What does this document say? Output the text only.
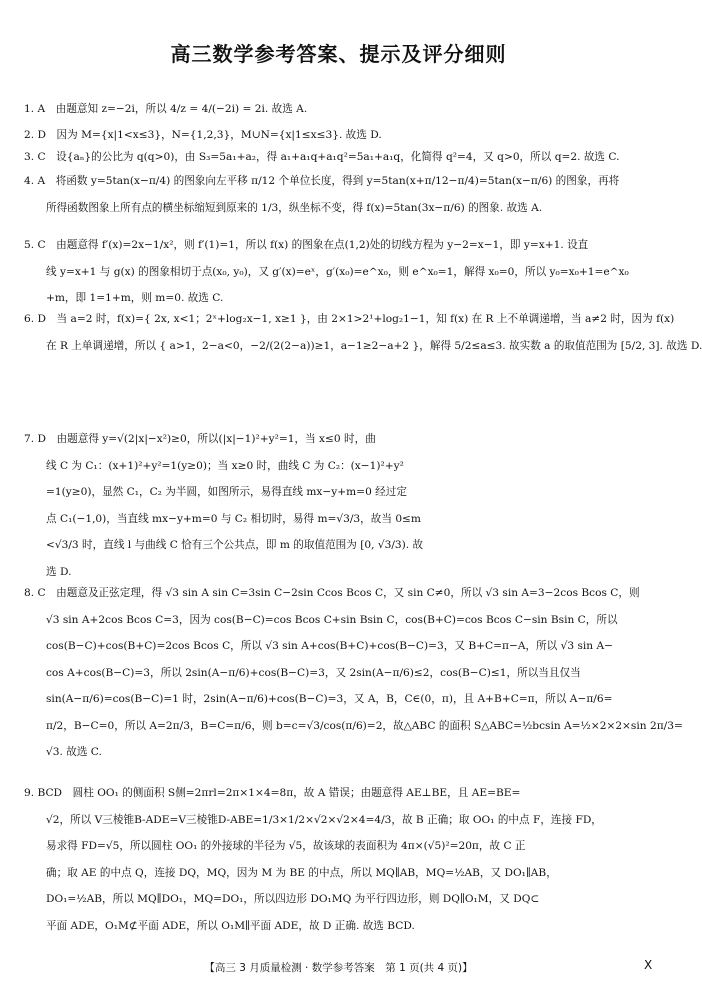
高三数学参考答案、提示及评分细则
1. A　由题意知 z=−2i，所以 4/z = 4/(−2i) = 2i. 故选 A.
2. D　因为 M={x|1<x≤3}，N={1,2,3}，M∪N={x|1≤x≤3}. 故选 D.
3. C　设{aₙ}的公比为 q(q>0)，由 S₃=5a₁+a₂，得 a₁+a₁q+a₁q²=5a₁+a₁q，化简得 q²=4，又 q>0，所以 q=2. 故选 C.
4. A　将函数 y=5tan(x−π/4) 的图象向左平移 π/12 个单位长度，得到 y=5tan(x+π/12−π/4)=5tan(x−π/6) 的图象，再将
所得函数图象上所有点的横坐标缩短到原来的 1/3，纵坐标不变，得 f(x)=5tan(3x−π/6) 的图象. 故选 A.
5. C　由题意得 f′(x)=2x−1/x²，则 f′(1)=1，所以 f(x) 的图象在点(1,2)处的切线方程为 y−2=x−1，即 y=x+1. 设直
线 y=x+1 与 g(x) 的图象相切于点(x₀, y₀)，又 g′(x)=eˣ，g′(x₀)=e^x₀，则 e^x₀=1，解得 x₀=0，所以 y₀=x₀+1=e^x₀
+m，即 1=1+m，则 m=0. 故选 C.
6. D　当 a=2 时，f(x)={ 2x, x<1；2ˣ+log₂x−1, x≥1 }，由 2×1>2¹+log₂1−1，知 f(x) 在 R 上不单调递增，当 a≠2 时，因为 f(x)
在 R 上单调递增，所以 { a>1，2−a<0，−2/(2(2−a))≥1，a−1≥2−a+2 }，解得 5/2≤a≤3. 故实数 a 的取值范围为 [5/2, 3]. 故选 D.
7. D　由题意得 y=√(2|x|−x²)≥0，所以(|x|−1)²+y²=1，当 x≤0 时，曲
线 C 为 C₁：(x+1)²+y²=1(y≥0)；当 x≥0 时，曲线 C 为 C₂：(x−1)²+y²
=1(y≥0)，显然 C₁，C₂ 为半圆，如图所示，易得直线 mx−y+m=0 经过定
点 C₁(−1,0)，当直线 mx−y+m=0 与 C₂ 相切时，易得 m=√3/3，故当 0≤m
<√3/3 时，直线 l 与曲线 C 恰有三个公共点，即 m 的取值范围为 [0, √3/3). 故
选 D.
8. C　由题意及正弦定理，得 √3 sin A sin C=3sin C−2sin Ccos Bcos C，又 sin C≠0，所以 √3 sin A=3−2cos Bcos C，则
√3 sin A+2cos Bcos C=3，因为 cos(B−C)=cos Bcos C+sin Bsin C，cos(B+C)=cos Bcos C−sin Bsin C，所以
cos(B−C)+cos(B+C)=2cos Bcos C，所以 √3 sin A+cos(B+C)+cos(B−C)=3，又 B+C=π−A，所以 √3 sin A−
cos A+cos(B−C)=3，所以 2sin(A−π/6)+cos(B−C)=3，又 2sin(A−π/6)≤2，cos(B−C)≤1，所以当且仅当
sin(A−π/6)=cos(B−C)=1 时，2sin(A−π/6)+cos(B−C)=3，又 A，B，C∈(0，π)，且 A+B+C=π，所以 A−π/6=
π/2，B−C=0，所以 A=2π/3，B=C=π/6，则 b=c=√3/cos(π/6)=2，故△ABC 的面积 S△ABC=½bcsin A=½×2×2×sin 2π/3=
√3. 故选 C.
9. BCD　圆柱 OO₁ 的侧面积 S侧=2πrl=2π×1×4=8π，故 A 错误；由题意得 AE⊥BE，且 AE=BE=
√2，所以 V三棱锥B-ADE=V三棱锥D-ABE=1/3×1/2×√2×√2×4=4/3，故 B 正确；取 OO₁ 的中点 F，连接 FD，
易求得 FD=√5，所以圆柱 OO₁ 的外接球的半径为 √5，故该球的表面积为 4π×(√5)²=20π，故 C 正
确；取 AE 的中点 Q，连接 DQ，MQ，因为 M 为 BE 的中点，所以 MQ∥AB，MQ=½AB，又 DO₁∥AB，
DO₁=½AB，所以 MQ∥DO₁，MQ=DO₁，所以四边形 DO₁MQ 为平行四边形，则 DQ∥O₁M，又 DQ⊂
平面 ADE，O₁M⊄平面 ADE，所以 O₁M∥平面 ADE，故 D 正确. 故选 BCD.
【高三 3 月质量检测 · 数学参考答案　第 1 页(共 4 页)】	X
